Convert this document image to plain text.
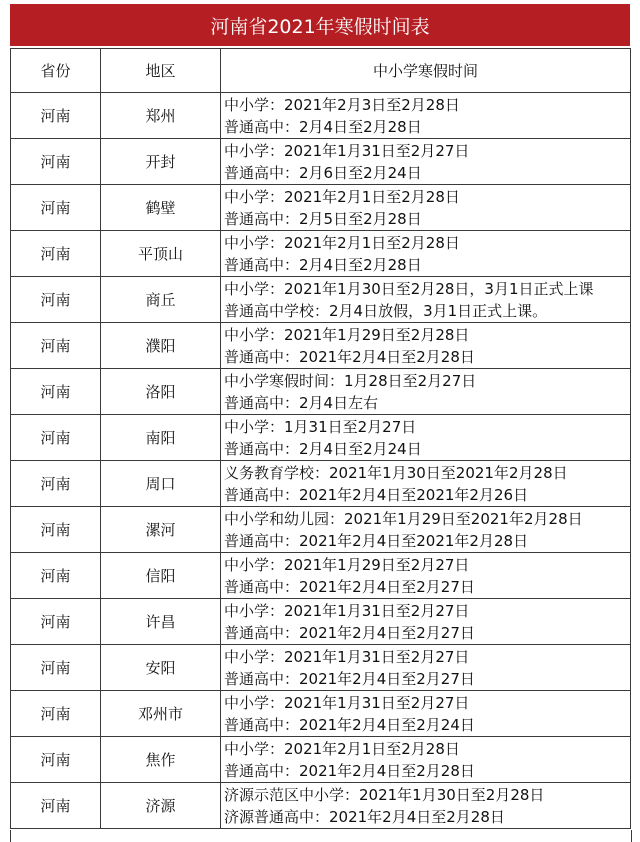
河南省2021年寒假时间表
省份	地区	中小学寒假时间
河南	郑州	中小学：2021年2月3日至2月28日
普通高中：2月4日至2月28日

河南	开封	中小学：2021年1月31日至2月27日
普通高中：2月6日至2月24日

河南	鹤壁	中小学：2021年2月1日至2月28日
普通高中：2月5日至2月28日

河南	平顶山	中小学：2021年2月1日至2月28日
普通高中：2月4日至2月28日

河南	商丘	中小学：2021年1月30日至2月28日，3月1日正式上课
普通高中学校：2月4日放假，3月1日正式上课。

河南	濮阳	中小学：2021年1月29日至2月28日
普通高中：2021年2月4日至2月28日

河南	洛阳	中小学寒假时间：1月28日至2月27日
普通高中：2月4日左右

河南	南阳	中小学：1月31日至2月27日
普通高中：2月4日至2月24日

河南	周口	义务教育学校：2021年1月30日至2021年2月28日
普通高中：2021年2月4日至2021年2月26日

河南	漯河	中小学和幼儿园：2021年1月29日至2021年2月28日
普通高中：2021年2月4日至2021年2月28日

河南	信阳	中小学：2021年1月29日至2月27日
普通高中：2021年2月4日至2月27日

河南	许昌	中小学：2021年1月31日至2月27日
普通高中：2021年2月4日至2月27日

河南	安阳	中小学：2021年1月31日至2月27日
普通高中：2021年2月4日至2月27日

河南	邓州市	中小学：2021年1月31日至2月27日
普通高中：2021年2月4日至2月24日

河南	焦作	中小学：2021年2月1日至2月28日
普通高中：2021年2月4日至2月28日

河南	济源	济源示范区中小学：2021年1月30日至2月28日
济源普通高中：2021年2月4日至2月28日
